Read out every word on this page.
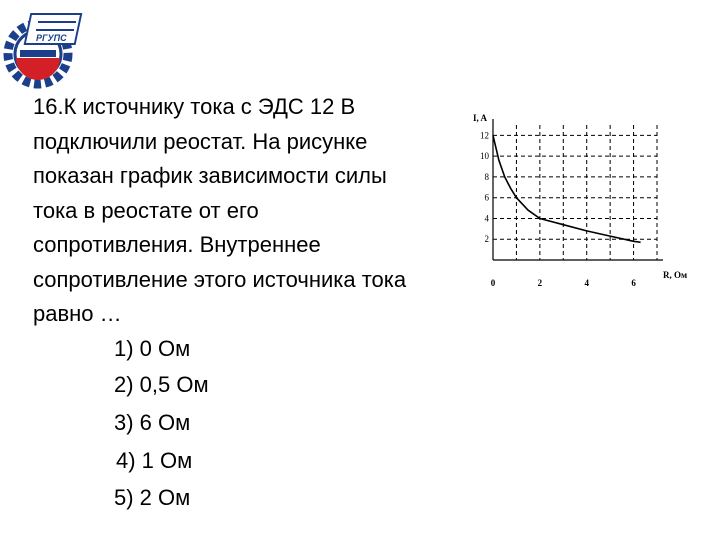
РГУПС
16.К источнику тока с ЭДС 12 В
подключили реостат. На рисунке
показан график зависимости силы
тока в реостате от его
сопротивления. Внутреннее
сопротивление этого источника тока
равно …
1) 0 Ом
2) 0,5 Ом
3) 6 Ом
4) 1 Ом
5) 2 Ом
2
4
6
8
10
12
0	2	4	6
I, A
R, Ом
